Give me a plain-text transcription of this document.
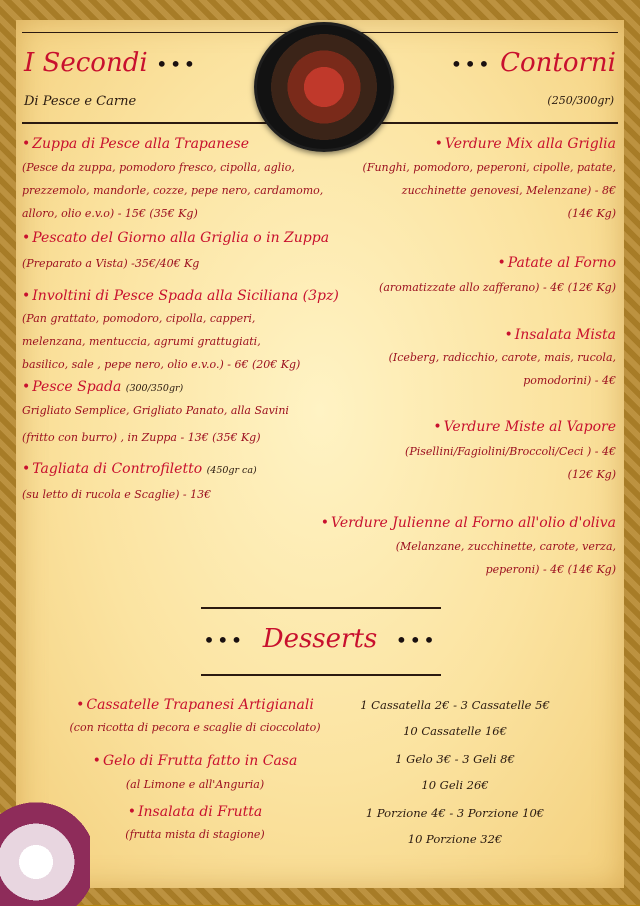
I Secondi •••
Di Pesce e Carne
••• Contorni
(250/300gr)
• Zuppa di Pesce alla Trapanese
(Pesce da zuppa, pomodoro fresco, cipolla, aglio,
prezzemolo, mandorle, cozze, pepe nero, cardamomo,
alloro, olio e.v.o) - 15€ (35€ Kg)
• Pescato del Giorno alla Griglia o in Zuppa
(Preparato a Vista) -35€/40€ Kg
• Involtini di Pesce Spada alla Siciliana (3pz)
(Pan grattato, pomodoro, cipolla, capperi,
melenzana, mentuccia, agrumi grattugiati,
basilico, sale , pepe nero, olio e.v.o.) - 6€ (20€ Kg)
• Pesce Spada (300/350gr)
Grigliato Semplice, Grigliato Panato, alla Savini
(fritto con burro) , in Zuppa - 13€ (35€ Kg)
• Tagliata di Controfiletto (450gr ca)
(su letto di rucola e Scaglie) - 13€
• Verdure Mix alla Griglia
(Funghi, pomodoro, peperoni, cipolle, patate,
zucchinette genovesi, Melenzane) - 8€
(14€ Kg)
• Patate al Forno
(aromatizzate allo zafferano) - 4€ (12€ Kg)
• Insalata Mista
(Iceberg, radicchio, carote, mais, rucola,
pomodorini) - 4€
• Verdure Miste al Vapore
(Pisellini/Fagiolini/Broccoli/Ceci ) - 4€
(12€ Kg)
• Verdure Julienne al Forno all'olio d'oliva
(Melanzane, zucchinette, carote, verza,
peperoni) - 4€ (14€ Kg)
••• Desserts •••
• Cassatelle Trapanesi Artigianali
(con ricotta di pecora e scaglie di cioccolato)
1 Cassatella 2€ - 3 Cassatelle 5€
10 Cassatelle 16€
• Gelo di Frutta fatto in Casa
(al Limone e all'Anguria)
1 Gelo 3€ - 3 Geli 8€
10 Geli 26€
• Insalata di Frutta
(frutta mista di stagione)
1 Porzione 4€ - 3 Porzione 10€
10 Porzione 32€
